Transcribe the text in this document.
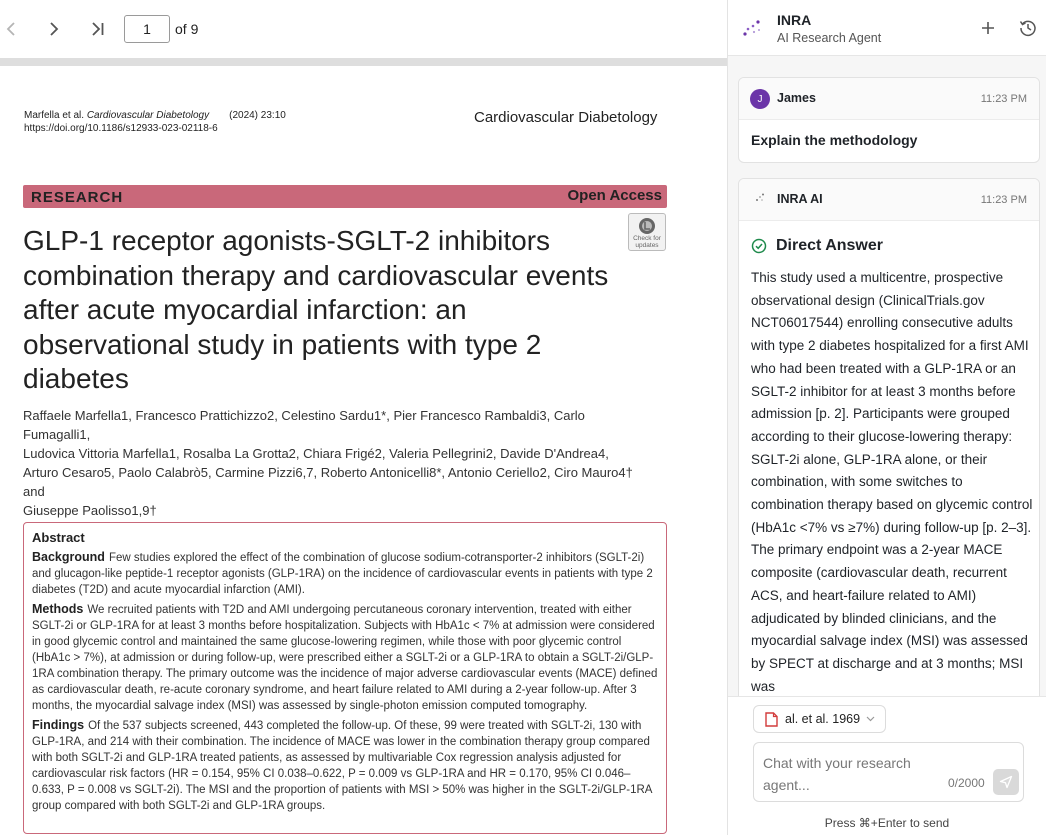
1
of 9
Marfella et al. Cardiovascular Diabetology (2024) 23:10
https://doi.org/10.1186/s12933-023-02118-6
Cardiovascular Diabetology
RESEARCH	Open Access
Check for updates
GLP-1 receptor agonists-SGLT-2 inhibitors combination therapy and cardiovascular events after acute myocardial infarction: an observational study in patients with type 2 diabetes
Raffaele Marfella1, Francesco Prattichizzo2, Celestino Sardu1*, Pier Francesco Rambaldi3, Carlo Fumagalli1,
Ludovica Vittoria Marfella1, Rosalba La Grotta2, Chiara Frigé2, Valeria Pellegrini2, Davide D'Andrea4,
Arturo Cesaro5, Paolo Calabrò5, Carmine Pizzi6,7, Roberto Antonicelli8*, Antonio Ceriello2, Ciro Mauro4† and
Giuseppe Paolisso1,9†
Abstract

Background Few studies explored the effect of the combination of glucose sodium-cotransporter-2 inhibitors (SGLT-2i) and glucagon-like peptide-1 receptor agonists (GLP-1RA) on the incidence of cardiovascular events in patients with type 2 diabetes (T2D) and acute myocardial infarction (AMI).

Methods We recruited patients with T2D and AMI undergoing percutaneous coronary intervention, treated with either SGLT-2i or GLP-1RA for at least 3 months before hospitalization. Subjects with HbA1c < 7% at admission were considered in good glycemic control and maintained the same glucose-lowering regimen, while those with poor glycemic control (HbA1c > 7%), at admission or during follow-up, were prescribed either a SGLT-2i or a GLP-1RA to obtain a SGLT-2i/GLP-1RA combination therapy. The primary outcome was the incidence of major adverse cardiovascular events (MACE) defined as cardiovascular death, re-acute coronary syndrome, and heart failure related to AMI during a 2-year follow-up. After 3 months, the myocardial salvage index (MSI) was assessed by single-photon emission computed tomography.

Findings Of the 537 subjects screened, 443 completed the follow-up. Of these, 99 were treated with SGLT-2i, 130 with GLP-1RA, and 214 with their combination. The incidence of MACE was lower in the combination therapy group compared with both SGLT-2i and GLP-1RA treated patients, as assessed by multivariable Cox regression analysis adjusted for cardiovascular risk factors (HR = 0.154, 95% CI 0.038–0.622, P = 0.009 vs GLP-1RA and HR = 0.170, 95% CI 0.046–0.633, P = 0.008 vs SGLT-2i). The MSI and the proportion of patients with MSI > 50% was higher in the SGLT-2i/GLP-1RA group compared with both SGLT-2i and GLP-1RA groups.

INRA
AI Research Agent
J	James	11:23 PM
Explain the methodology
INRA AI	11:23 PM
Direct Answer
This study used a multicentre, prospective observational design (ClinicalTrials.gov NCT06017544) enrolling consecutive adults with type 2 diabetes hospitalized for a first AMI who had been treated with a GLP-1RA or an SGLT-2 inhibitor for at least 3 months before admission [p. 2]. Participants were grouped according to their glucose-lowering therapy: SGLT-2i alone, GLP-1RA alone, or their combination, with some switches to combination therapy based on glycemic control (HbA1c <7% vs ≥7%) during follow-up [p. 2–3]. The primary endpoint was a 2-year MACE composite (cardiovascular death, recurrent ACS, and heart-failure related to AMI) adjudicated by blinded clinicians, and the myocardial salvage index (MSI) was assessed by SPECT at discharge and at 3 months; MSI was
al. et al. 1969
Chat with your research agent...	0/2000
Press ⌘+Enter to send
